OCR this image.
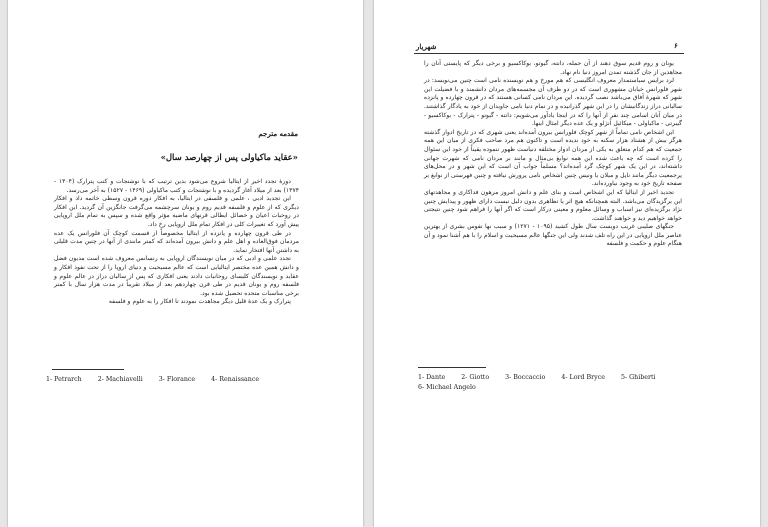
مقدمه مترجم
«عقاید ماکیاولی پس از چهارصد سال»

دورهٔ تجدد اخیر از ایتالیا شروع می‌شود بدین ترتیب که با نوشتجات و کتب پترارک (۱۳۰۴ - ۱۳۷۴) بعد از میلاد آغاز گردیده و با نوشتجات و کتب ماکیاولی (۱۴۶۹ - ۱۵۲۷) به آخر می‌رسد.

این تجدید ادبی ، علمی و فلسفی در ایتالیا، به افکار دوره قرون وسطی خاتمه داد و افکار دیگری که از علوم و فلسفه قدیم روم و یونان سرچشمه می‌گرفت جانگزین آن گردید. این افکار در روحیات اعیان و خصائل ایطالی قرنهای ماضیه مؤثر واقع شده و سپس به تمام ملل اروپایی پیش آورد که تغییرات کلی در افکار تمام ملل اروپایی رخ داد.

در طی قرون چهارده و پانزده از ایتالیا مخصوصاً از قسمت کوچک آن فلورانس یک عده مردمان فوق‌العاده و اهل علم و دانش بیرون آمده‌اند که کمتر مانندی از آنها در چنین مدت قلیلی به داشتن آنها افتخار نماید.

تجدد علمی و ادبی که در میان نویسندگان اروپایی به رنسانس معروف شده است مدیون فضل و دانش همین عده مختصر ایتالیایی است که عالم مسیحیت و دنیای اروپا را از تحت نفوذ افکار و عقاید و نویسندگان کلیسای روحانیات دادند یعنی افکاری که پس از سالیان دراز در عالم علوم و فلسفه روم و یونان قدیم در طی قرن چهاردهم بعد از میلاد تقریباً در مدت هزار سال با کمتر برخی مناسبات متحده تحصیل شده بود.

پترارک و یک عدهٔ قلیل دیگر مجاهدت نمودند تا افکار را به علوم و فلسفه

1- Petrarch	2- Machiavelli	3- Florance	4- Renaissance
۶
شهریار

یونان و روم قدیم سوق دهند از آن جمله، دانته، گیوتو، بوکاکسیو و برخی دیگر که پایستی آنان را مجاهدین از جان گذشته تمدن امروز دنیا نام نهاد.

لرد برایس سیاستمدار معروف انگلیسی که هم مورخ و هم نویسنده نامی است چنین می‌نویسد: در شهر فلورانس خیابان مشهوری است که در دو طرف آن مجسمه‌های مردان دانشمند و با فضیلت این شهر که شهرهٔ آفاق می‌باشد نصب گردیده. این مردان نامی کسانی هستند که در قرون چهارده و پانزده سالیانی دراز زندگانیشان را در این شهر گذرانیده و در تمام دنیا نامی جاویدان از خود به یادگار گذاشتند. در میان آنان اسامی چند نفر از آنها را که در اینجا یادآور می‌شویم: دانته - گیوتو - پترارک - بوکاکسیو - گیبرتی - ماکیاولی - میکائیل آنژلو و یک عده دیگر امثال اینها.

این اشخاص نامی تماماً از شهر کوچک فلورانس بیرون آمده‌اند یعنی شهری که در تاریخ ادوار گذشته هرگز بیش از هشتاد هزار سکنه به خود ندیده است و تاکنون هم مرد صاحب فکری از میان این همه جمعیت که هم کدام متعلق به یکی از مردان ادوار مختلفه دنیاست ظهور ننموده یقیناً از خود این سئوال را کرده است که چه باعث شده این همه نوابغ بی‌مثال و مانند بر مردان نامی که شهرت جهانی داشته‌اند، در این یک شهر کوچک گرد آمده‌اند؟ مسلماً جواب آن است که این شهر و در محل‌های پرجمعیت دیگر مانند ناپل و میلان یا ونیس چنین اشخاص نامی پرورش نیافته و چنین فهرستی از نوابغ بر صفحه تاریخ خود به وجود نیاورده‌اند.

تجدید اخیر از ایتالیا که این اشخاص است و بنای علم و دانش امروز مرهون فداکاری و مجاهدتهای این برگزیدگان می‌باشد. البته همچنانکه هیچ اثر یا تظاهری بدون دلیل نیست دارای ظهور و پیدایش چنین نژاد برگزیده‌ای نیز اسباب و وسائل معلوم و معینی درکار است که اگر آنها را فراهم شود چنین نتیجتی خواهد خواهیم دید و خواهند گذاشت.

جنگهای صلیبی غریب دویست سال طول کشید (۱۰۹۵ - ۱۲۷۱) و سبب نها تفوس بشری از بهترین عناصر ملل اروپایی در این راه تلف شدند ولی این جنگها عالم مسیحیت و اسلام را با هم آشنا نمود و آن هنگام علوم و حکمت و فلسفه

1- Dante	2- Giotto	3- Boccaccio	4- Lord Bryce	5- Ghiberti
6- Michael Angelo
